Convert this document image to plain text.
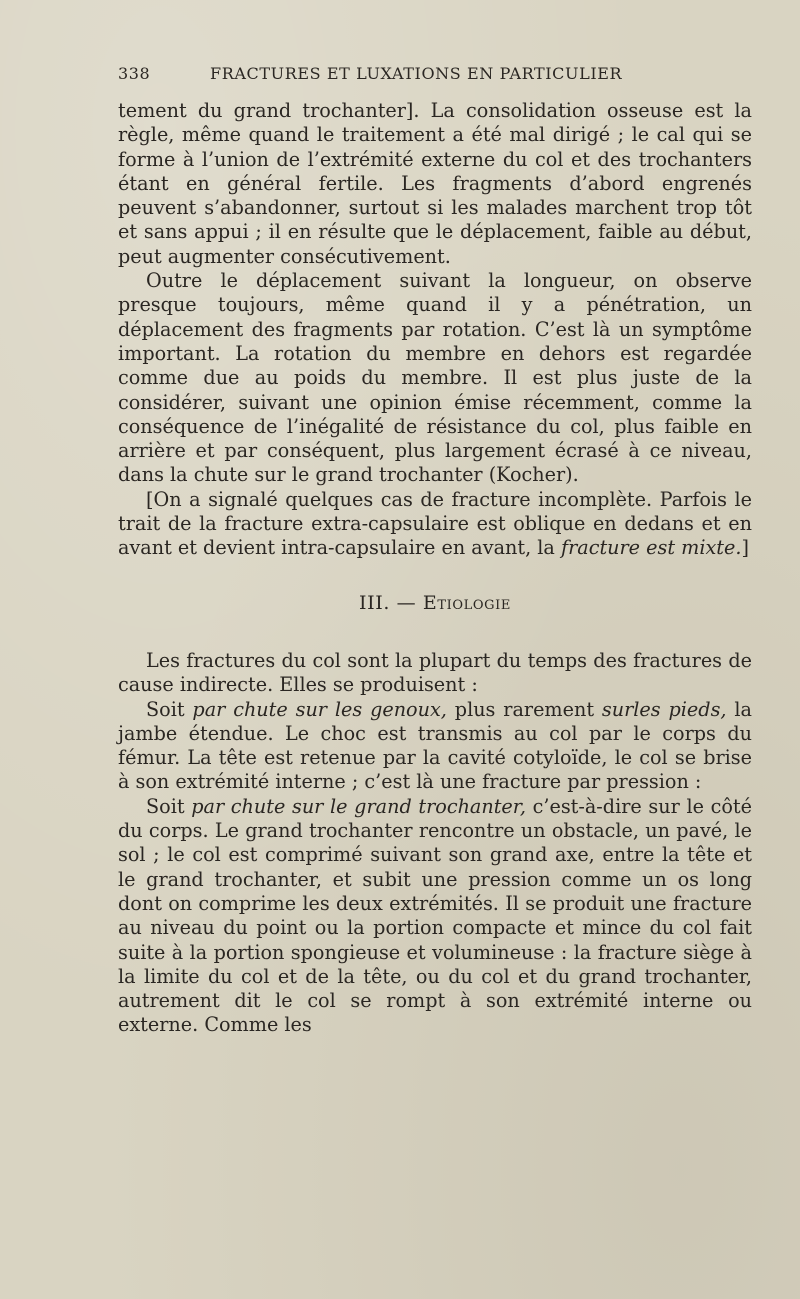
338	FRACTURES ET LUXATIONS EN PARTICULIER

tement du grand trochanter]. La consolidation osseuse est la règle, même quand le traitement a été mal dirigé ; le cal qui se forme à l’union de l’extrémité externe du col et des trochanters étant en général fertile. Les fragments d’abord engrenés peuvent s’abandonner, surtout si les malades marchent trop tôt et sans appui ; il en résulte que le déplacement, faible au début, peut augmenter consécutivement.

Outre le déplacement suivant la longueur, on observe presque toujours, même quand il y a pénétration, un déplacement des fragments par rotation. C’est là un symptôme important. La rotation du membre en dehors est regardée comme due au poids du membre. Il est plus juste de la considérer, suivant une opinion émise récemment, comme la conséquence de l’inégalité de résistance du col, plus faible en arrière et par conséquent, plus largement écrasé à ce niveau, dans la chute sur le grand trochanter (Kocher).

[On a signalé quelques cas de fracture incomplète. Parfois le trait de la fracture extra-capsulaire est oblique en dedans et en avant et devient intra-capsulaire en avant, la fracture est mixte.]

III. — Etiologie

Les fractures du col sont la plupart du temps des fractures de cause indirecte. Elles se produisent :

Soit par chute sur les genoux, plus rarement surles pieds, la jambe étendue. Le choc est transmis au col par le corps du fémur. La tête est retenue par la cavité cotyloïde, le col se brise à son extrémité interne ; c’est là une fracture par pression :

Soit par chute sur le grand trochanter, c’est-à-dire sur le côté du corps. Le grand trochanter rencontre un obstacle, un pavé, le sol ; le col est comprimé suivant son grand axe, entre la tête et le grand trochanter, et subit une pression comme un os long dont on comprime les deux extrémités. Il se produit une fracture au niveau du point ou la portion compacte et mince du col fait suite à la portion spongieuse et volumineuse : la fracture siège à la limite du col et de la tête, ou du col et du grand trochanter, autrement dit le col se rompt à son extrémité interne ou externe. Comme les
